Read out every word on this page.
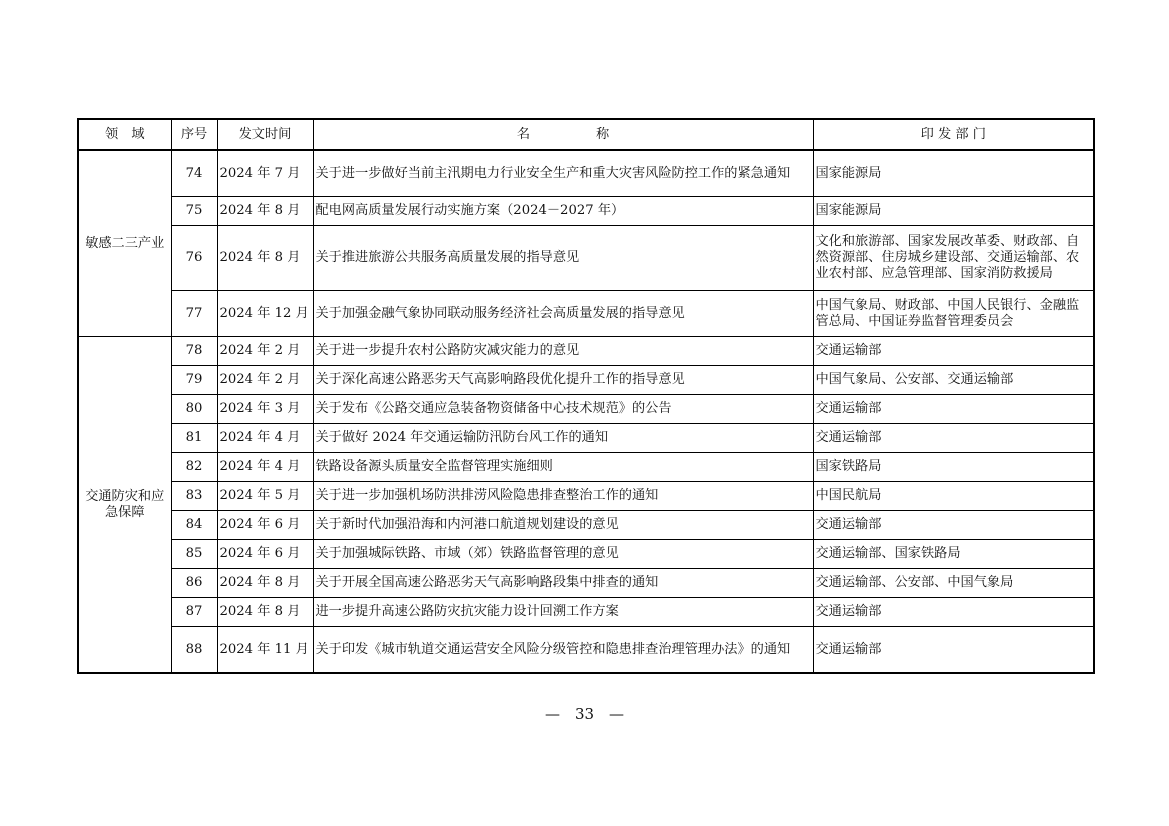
领　域	序号	发文时间	名　　　　　称	印 发 部 门
敏感二三产业	74	2024 年 7 月	关于进一步做好当前主汛期电力行业安全生产和重大灾害风险防控工作的紧急通知	国家能源局
	75	2024 年 8 月	配电网高质量发展行动实施方案（2024－2027 年）	国家能源局
	76	2024 年 8 月	关于推进旅游公共服务高质量发展的指导意见	文化和旅游部、国家发展改革委、财政部、自然资源部、住房城乡建设部、交通运输部、农业农村部、应急管理部、国家消防救援局
	77	2024 年 12 月	关于加强金融气象协同联动服务经济社会高质量发展的指导意见	中国气象局、财政部、中国人民银行、金融监管总局、中国证券监督管理委员会
交通防灾和应急保障	78	2024 年 2 月	关于进一步提升农村公路防灾减灾能力的意见	交通运输部
	79	2024 年 2 月	关于深化高速公路恶劣天气高影响路段优化提升工作的指导意见	中国气象局、公安部、交通运输部
	80	2024 年 3 月	关于发布《公路交通应急装备物资储备中心技术规范》的公告	交通运输部
	81	2024 年 4 月	关于做好 2024 年交通运输防汛防台风工作的通知	交通运输部
	82	2024 年 4 月	铁路设备源头质量安全监督管理实施细则	国家铁路局
	83	2024 年 5 月	关于进一步加强机场防洪排涝风险隐患排查整治工作的通知	中国民航局
	84	2024 年 6 月	关于新时代加强沿海和内河港口航道规划建设的意见	交通运输部
	85	2024 年 6 月	关于加强城际铁路、市域（郊）铁路监督管理的意见	交通运输部、国家铁路局
	86	2024 年 8 月	关于开展全国高速公路恶劣天气高影响路段集中排查的通知	交通运输部、公安部、中国气象局
	87	2024 年 8 月	进一步提升高速公路防灾抗灾能力设计回溯工作方案	交通运输部
	88	2024 年 11 月	关于印发《城市轨道交通运营安全风险分级管控和隐患排查治理管理办法》的通知	交通运输部
—　33　—
